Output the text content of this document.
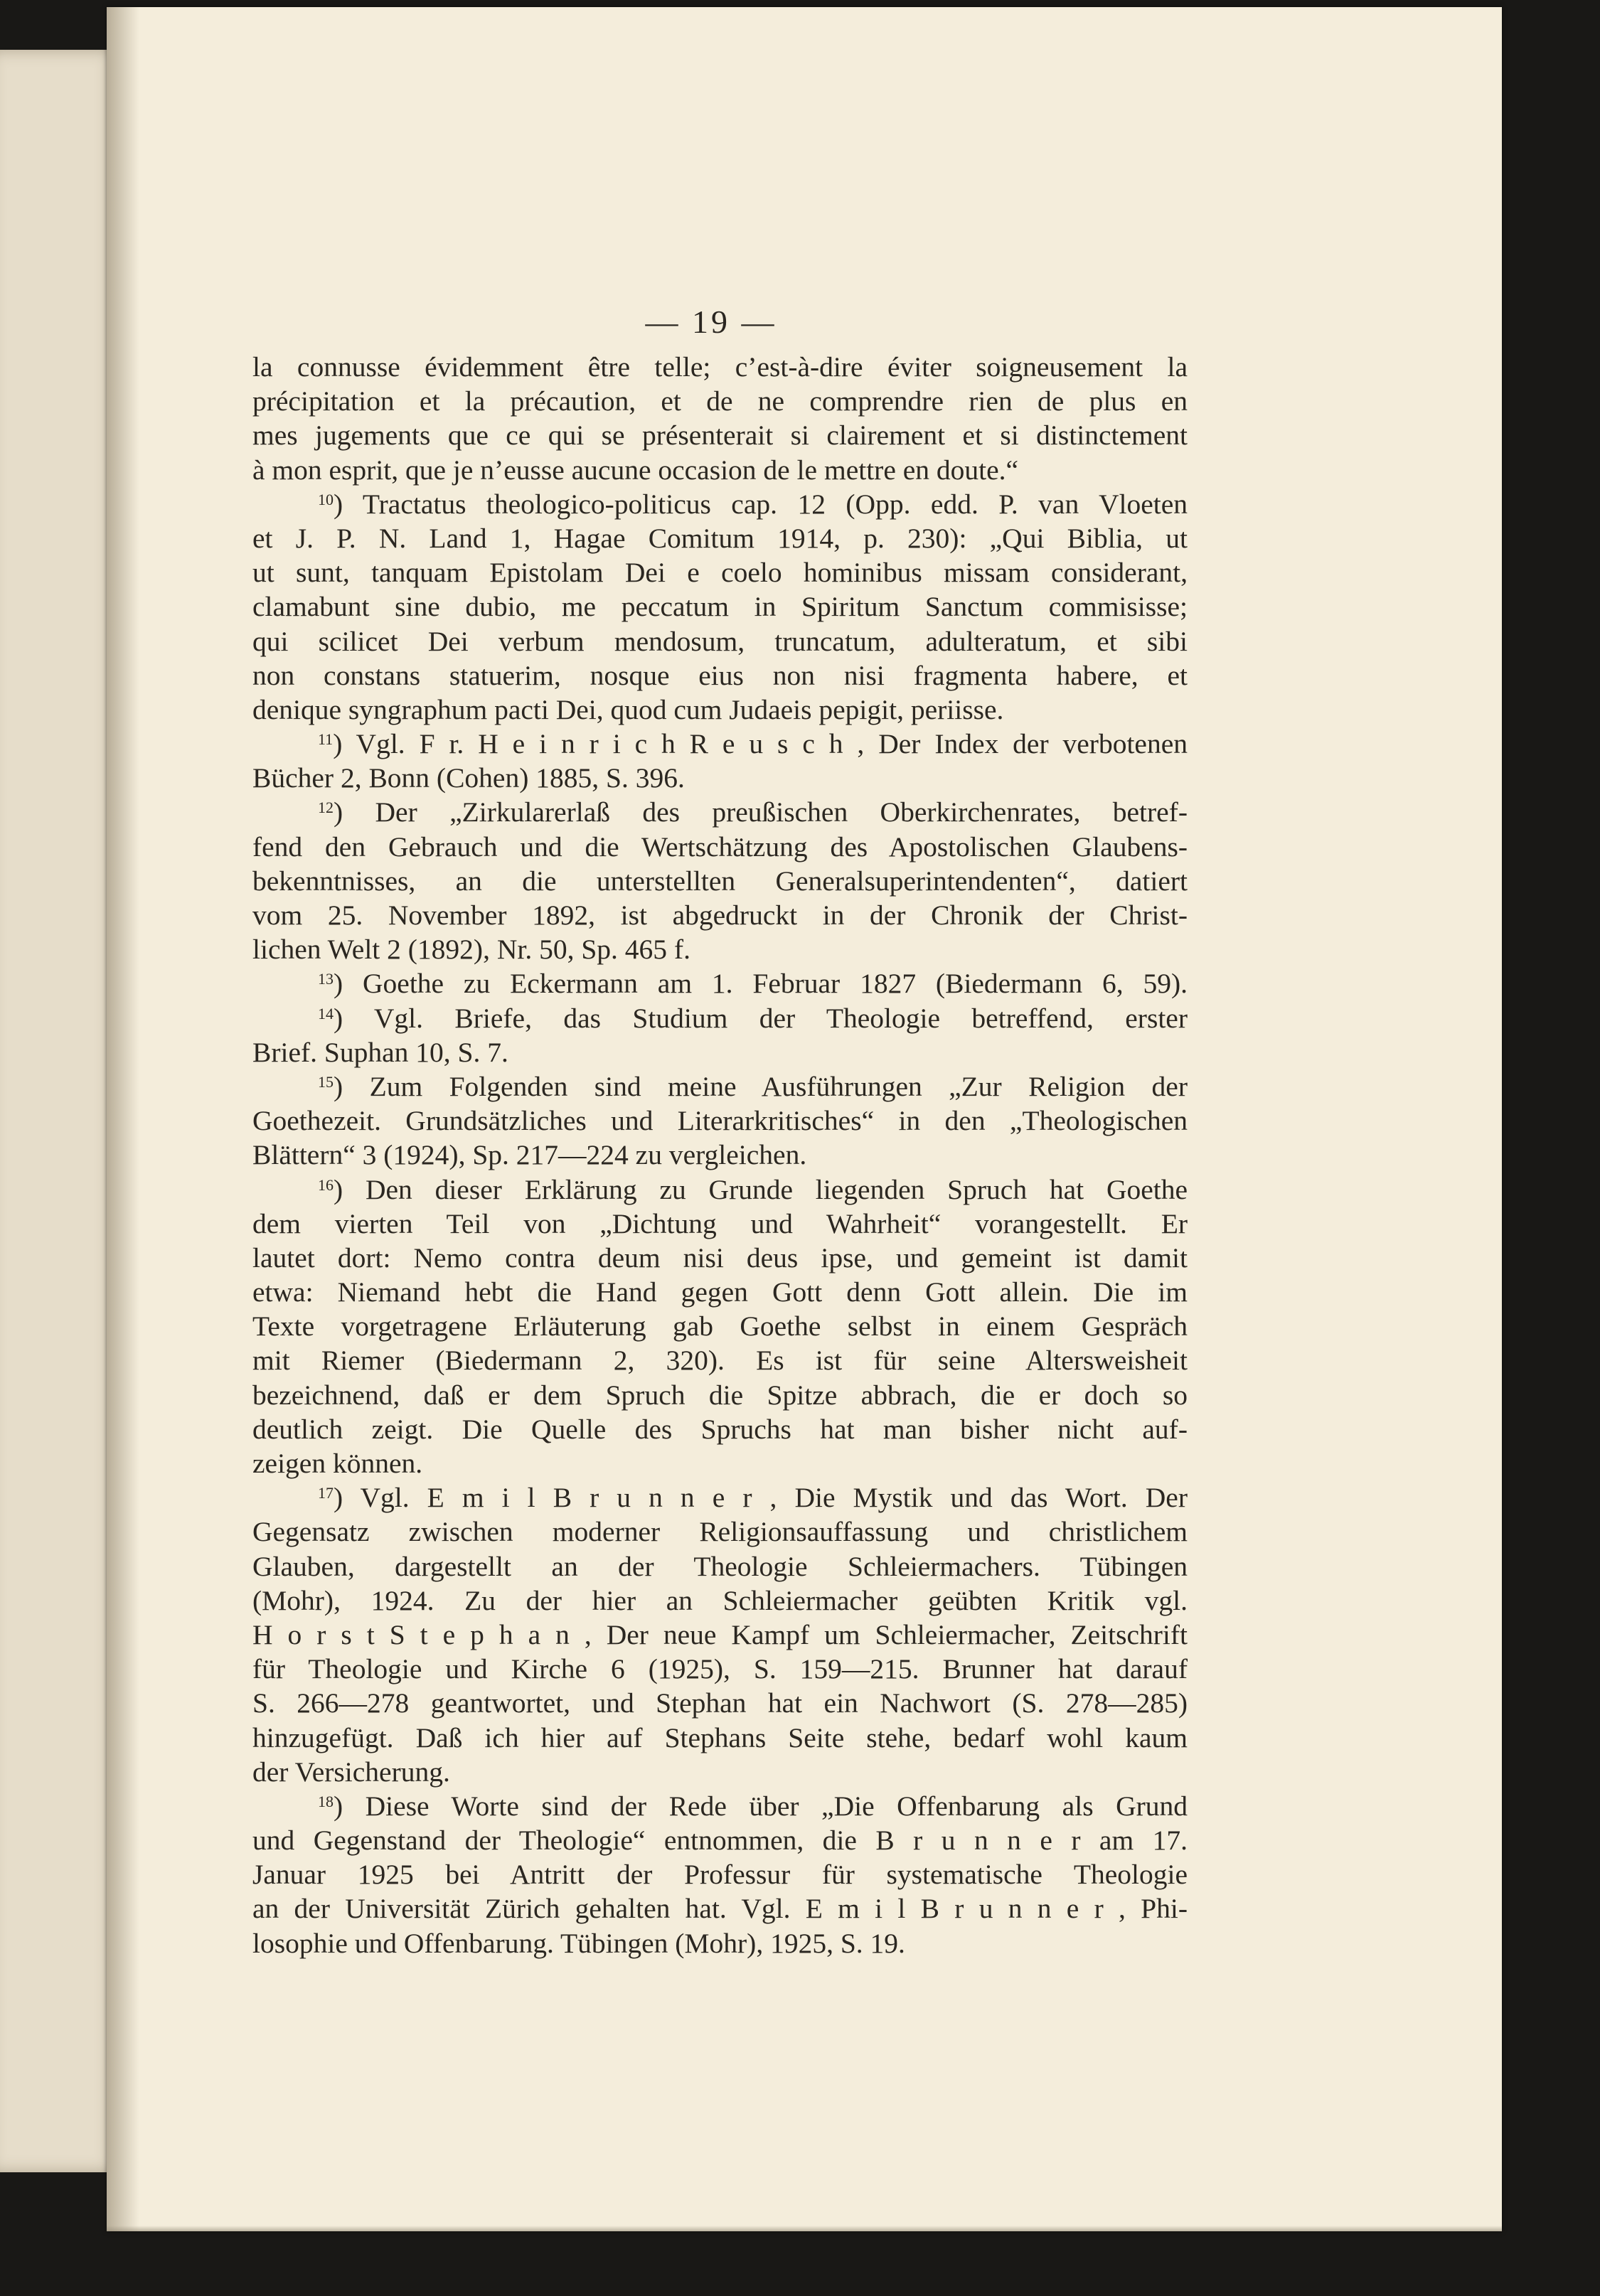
— 19 —
la connusse évidemment être telle; c’est-à-dire éviter soigneusement la
précipitation et la précaution, et de ne comprendre rien de plus en
mes jugements que ce qui se présenterait si clairement et si distinctement
à mon esprit, que je n’eusse aucune occasion de le mettre en doute.“
$^{10}$) Tractatus theologico-politicus cap. 12 (Opp. edd. P. van Vloeten
et J. P. N. Land 1, Hagae Comitum 1914, p. 230): „Qui Biblia, ut
ut sunt, tanquam Epistolam Dei e coelo hominibus missam considerant,
clamabunt sine dubio, me peccatum in Spiritum Sanctum commisisse;
qui scilicet Dei verbum mendosum, truncatum, adulteratum, et sibi
non constans statuerim, nosque eius non nisi fragmenta habere, et
denique syngraphum pacti Dei, quod cum Judaeis pepigit, periisse.
$^{11}$) Vgl. F r. H e i n r i c h R e u s c h , Der Index der verbotenen
Bücher 2, Bonn (Cohen) 1885, S. 396.
$^{12}$) Der „Zirkularerlaß des preußischen Oberkirchenrates, betref-
fend den Gebrauch und die Wertschätzung des Apostolischen Glaubens-
bekenntnisses, an die unterstellten Generalsuperintendenten“, datiert
vom 25. November 1892, ist abgedruckt in der Chronik der Christ-
lichen Welt 2 (1892), Nr. 50, Sp. 465 f.
$^{13}$) Goethe zu Eckermann am 1. Februar 1827 (Biedermann 6, 59).
$^{14}$) Vgl. Briefe, das Studium der Theologie betreffend, erster
Brief. Suphan 10, S. 7.
$^{15}$) Zum Folgenden sind meine Ausführungen „Zur Religion der
Goethezeit. Grundsätzliches und Literarkritisches“ in den „Theologischen
Blättern“ 3 (1924), Sp. 217—224 zu vergleichen.
$^{16}$) Den dieser Erklärung zu Grunde liegenden Spruch hat Goethe
dem vierten Teil von „Dichtung und Wahrheit“ vorangestellt. Er
lautet dort: Nemo contra deum nisi deus ipse, und gemeint ist damit
etwa: Niemand hebt die Hand gegen Gott denn Gott allein. Die im
Texte vorgetragene Erläuterung gab Goethe selbst in einem Gespräch
mit Riemer (Biedermann 2, 320). Es ist für seine Altersweisheit
bezeichnend, daß er dem Spruch die Spitze abbrach, die er doch so
deutlich zeigt. Die Quelle des Spruchs hat man bisher nicht auf-
zeigen können.
$^{17}$) Vgl. E m i l B r u n n e r , Die Mystik und das Wort. Der
Gegensatz zwischen moderner Religionsauffassung und christlichem
Glauben, dargestellt an der Theologie Schleiermachers. Tübingen
(Mohr), 1924. Zu der hier an Schleiermacher geübten Kritik vgl.
H o r s t S t e p h a n , Der neue Kampf um Schleiermacher, Zeitschrift
für Theologie und Kirche 6 (1925), S. 159—215. Brunner hat darauf
S. 266—278 geantwortet, und Stephan hat ein Nachwort (S. 278—285)
hinzugefügt. Daß ich hier auf Stephans Seite stehe, bedarf wohl kaum
der Versicherung.
$^{18}$) Diese Worte sind der Rede über „Die Offenbarung als Grund
und Gegenstand der Theologie“ entnommen, die B r u n n e r am 17.
Januar 1925 bei Antritt der Professur für systematische Theologie
an der Universität Zürich gehalten hat. Vgl. E m i l B r u n n e r , Phi-
losophie und Offenbarung. Tübingen (Mohr), 1925, S. 19.
